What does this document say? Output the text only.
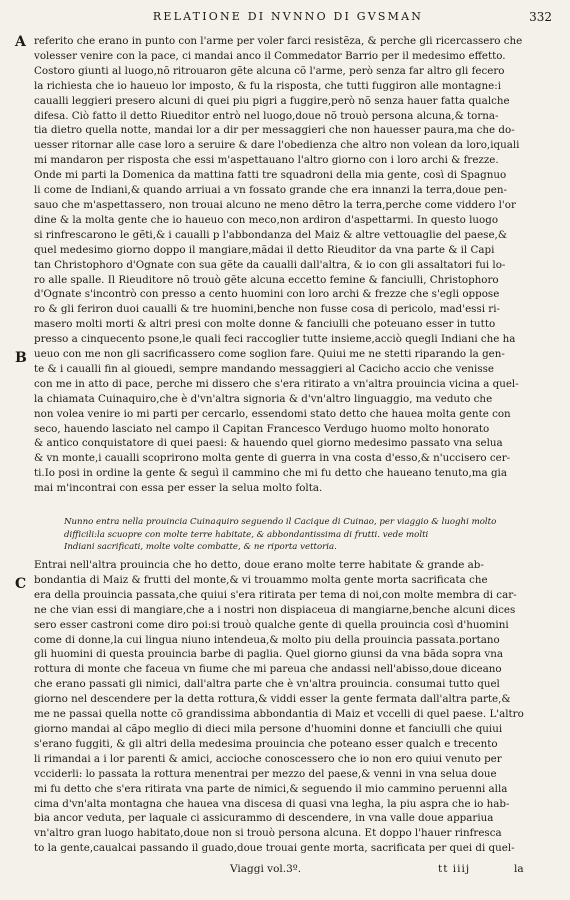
RELATIONE DI NVNNO DI GVSMAN	332
A
B
C
referito che erano in punto con l'arme per voler farci resistẽza, & perche gli ricercassero che
volesser venire con la pace, ci mandai anco il Commedator Barrio per il medesimo effetto.
Costoro giunti al luogo,nõ ritrouaron gẽte alcuna cõ l'arme, però senza far altro gli fecero
la richiesta che io haueuo lor imposto, & fu la risposta, che tutti fuggiron alle montagne:i
caualli leggieri presero alcuni di quei piu pigri a fuggire,però nõ senza hauer fatta qualche
difesa. Ciò fatto il detto Riueditor entrò nel luogo,doue nõ trouò persona alcuna,& torna-
tia dietro quella notte, mandai lor a dir per messaggieri che non hauesser paura,ma che do-
uesser ritornar alle case loro a seruire & dare l'obedienza che altro non volean da loro,iquali
mi mandaron per risposta che essi m'aspettauano l'altro giorno con i loro archi & frezze.
Onde mi parti la Domenica da mattina fatti tre squadroni della mia gente, così di Spagnuo
li come de Indiani,& quando arriuai a vn fossato grande che era innanzi la terra,doue pen-
sauo che m'aspettassero, non trouai alcuno ne meno dẽtro la terra,perche come viddero l'or
dine & la molta gente che io haueuo con meco,non ardiron d'aspettarmi. In questo luogo
si rinfrescarono le gẽti,& i caualli p l'abbondanza del Maiz & altre vettouaglie del paese,&
quel medesimo giorno doppo il mangiare,mãdai il detto Rieuditor da vna parte & il Capi
tan Christophoro d'Ognate con sua gẽte da caualli dall'altra, & io con gli assaltatori fui lo-
ro alle spalle. Il Rieuditore nõ trouò gẽte alcuna eccetto femine & fanciulli, Christophoro
d'Ognate s'incontrò con presso a cento huomini con loro archi & frezze che s'egli oppose
ro & gli feriron duoi caualli & tre huomini,benche non fusse cosa di pericolo, mad'essi ri-
masero molti morti & altri presi con molte donne & fanciulli che poteuano esser in tutto
presso a cinquecento psone,le quali feci raccoglier tutte insieme,acciò quegli Indiani che ha
ueuo con me non gli sacrificassero come soglion fare. Quiui me ne stetti riparando la gen-
te & i caualli fin al giouedi, sempre mandando messaggieri al Cacicho accio che venisse
con me in atto di pace, perche mi dissero che s'era ritirato a vn'altra prouincia vicina a quel-
la chiamata Cuinaquiro,che è d'vn'altra signoria & d'vn'altro linguaggio, ma veduto che
non volea venire io mi parti per cercarlo, essendomi stato detto che hauea molta gente con
seco, hauendo lasciato nel campo il Capitan Francesco Verdugo huomo molto honorato
& antico conquistatore di quei paesi: & hauendo quel giorno medesimo passato vna selua
& vn monte,i caualli scoprirono molta gente di guerra in vna costa d'esso,& n'uccisero cer-
ti.Io posi in ordine la gente & seguì il cammino che mi fu detto che haueano tenuto,ma gia
mai m'incontrai con essa per esser la selua molto folta.
Nunno entra nella prouincia Cuinaquiro seguendo il Cacique di Cuinao, per viaggio & luoghi molto
difficili:la scuopre con molte terre habitate, & abbondantissima di frutti. vede molti
Indiani sacrificati, molte volte combatte, & ne riporta vettoria.
Entrai nell'altra prouincia che ho detto, doue erano molte terre habitate & grande ab-
bondantia di Maiz & frutti del monte,& vi trouammo molta gente morta sacrificata che
era della prouincia passata,che quiui s'era ritirata per tema di noi,con molte membra di car-
ne che vian essi di mangiare,che a i nostri non dispiaceua di mangiarne,benche alcuni dices
sero esser castroni come diro poi:si trouò qualche gente di quella prouincia così d'huomini
come di donne,la cui lingua niuno intendeua,& molto piu della prouincia passata.portano
gli huomini di questa prouincia barbe di paglia. Quel giorno giunsi da vna bãda sopra vna
rottura di monte che faceua vn fiume che mi pareua che andassi nell'abisso,doue diceano
che erano passati gli nimici, dall'altra parte che è vn'altra prouincia. consumai tutto quel
giorno nel descendere per la detta rottura,& viddi esser la gente fermata dall'altra parte,&
me ne passai quella notte cõ grandissima abbondantia di Maiz et vccelli di quel paese. L'altro
giorno mandai al cãpo meglio di dieci mila persone d'huomini donne et fanciulli che quiui
s'erano fuggiti, & gli altri della medesima prouincia che poteano esser qualch e trecento
li rimandai a i lor parenti & amici, accioche conoscessero che io non ero quiui venuto per
vcciderli: lo passata la rottura menentrai per mezzo del paese,& venni in vna selua doue
mi fu detto che s'era ritirata vna parte de nimici,& seguendo il mio cammino peruenni alla
cima d'vn'alta montagna che hauea vna discesa di quasi vna legha, la piu aspra che io hab-
bia ancor veduta, per laquale ci assicurammo di descendere, in vna valle doue appariua
vn'altro gran luogo habitato,doue non si trouò persona alcuna. Et doppo l'hauer rinfresca
to la gente,caualcai passando il guado,doue trouai gente morta, sacrificata per quei di quel-
Viaggi vol.3º.	tt iiij	la
